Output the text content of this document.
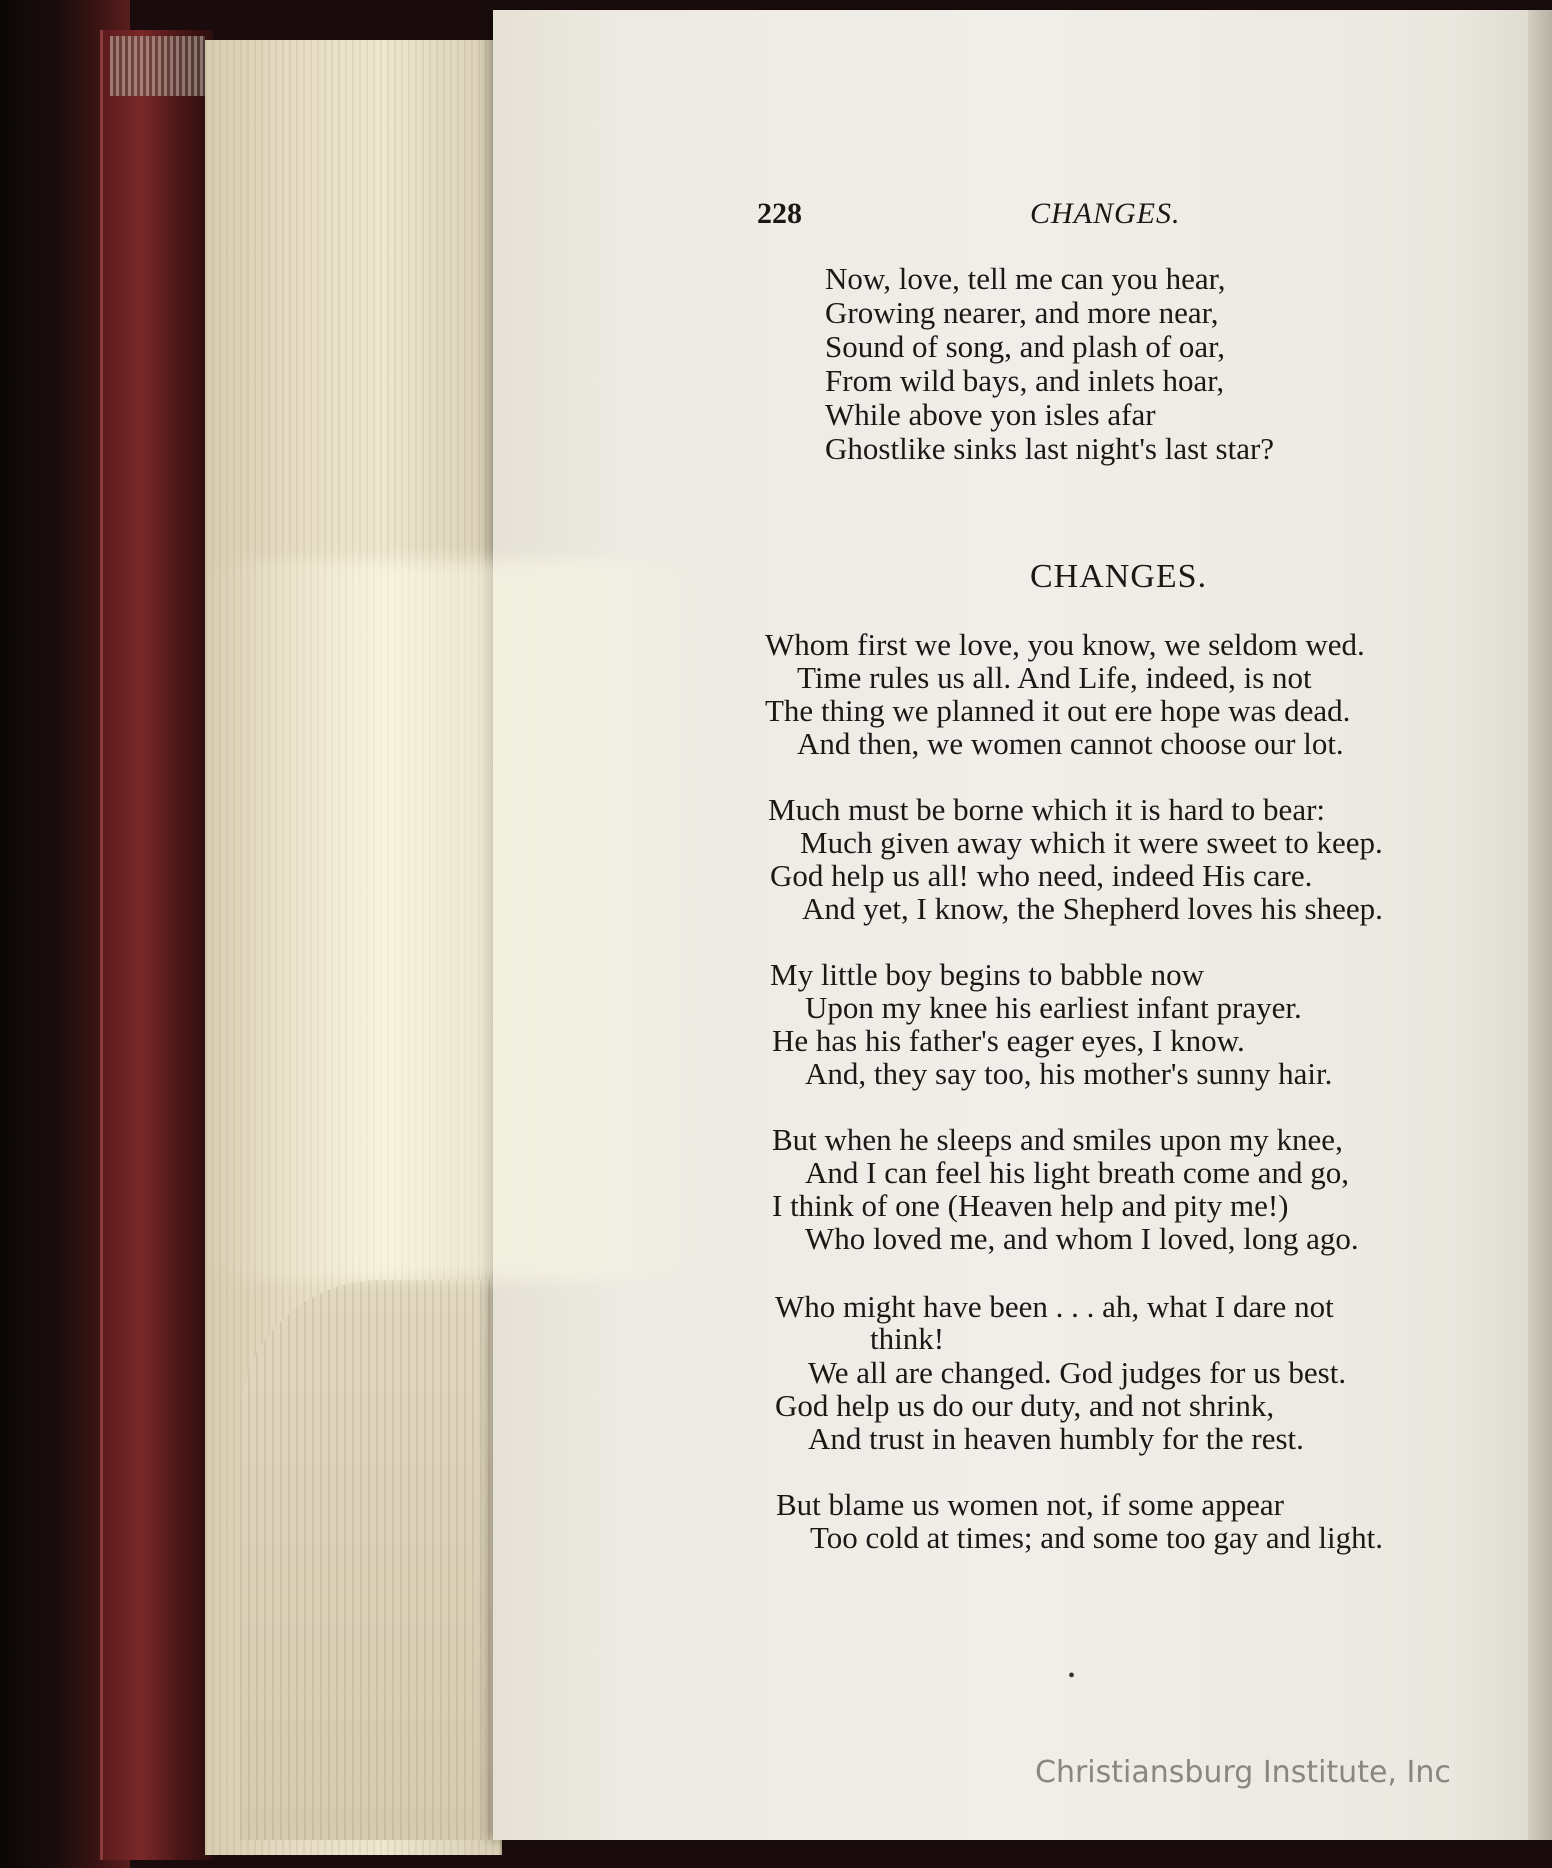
228	CHANGES.
Now, love, tell me can you hear,
Growing nearer, and more near,
Sound of song, and plash of oar,
From wild bays, and inlets hoar,
While above yon isles afar
Ghostlike sinks last night's last star?
CHANGES.
Whom first we love, you know, we seldom wed.
Time rules us all. And Life, indeed, is not
The thing we planned it out ere hope was dead.
And then, we women cannot choose our lot.
Much must be borne which it is hard to bear:
Much given away which it were sweet to keep.
God help us all! who need, indeed His care.
And yet, I know, the Shepherd loves his sheep.
My little boy begins to babble now
Upon my knee his earliest infant prayer.
He has his father's eager eyes, I know.
And, they say too, his mother's sunny hair.
But when he sleeps and smiles upon my knee,
And I can feel his light breath come and go,
I think of one (Heaven help and pity me!)
Who loved me, and whom I loved, long ago.
Who might have been . . . ah, what I dare not
think!
We all are changed. God judges for us best.
God help us do our duty, and not shrink,
And trust in heaven humbly for the rest.
But blame us women not, if some appear
Too cold at times; and some too gay and light.
•
Christiansburg Institute, Inc
